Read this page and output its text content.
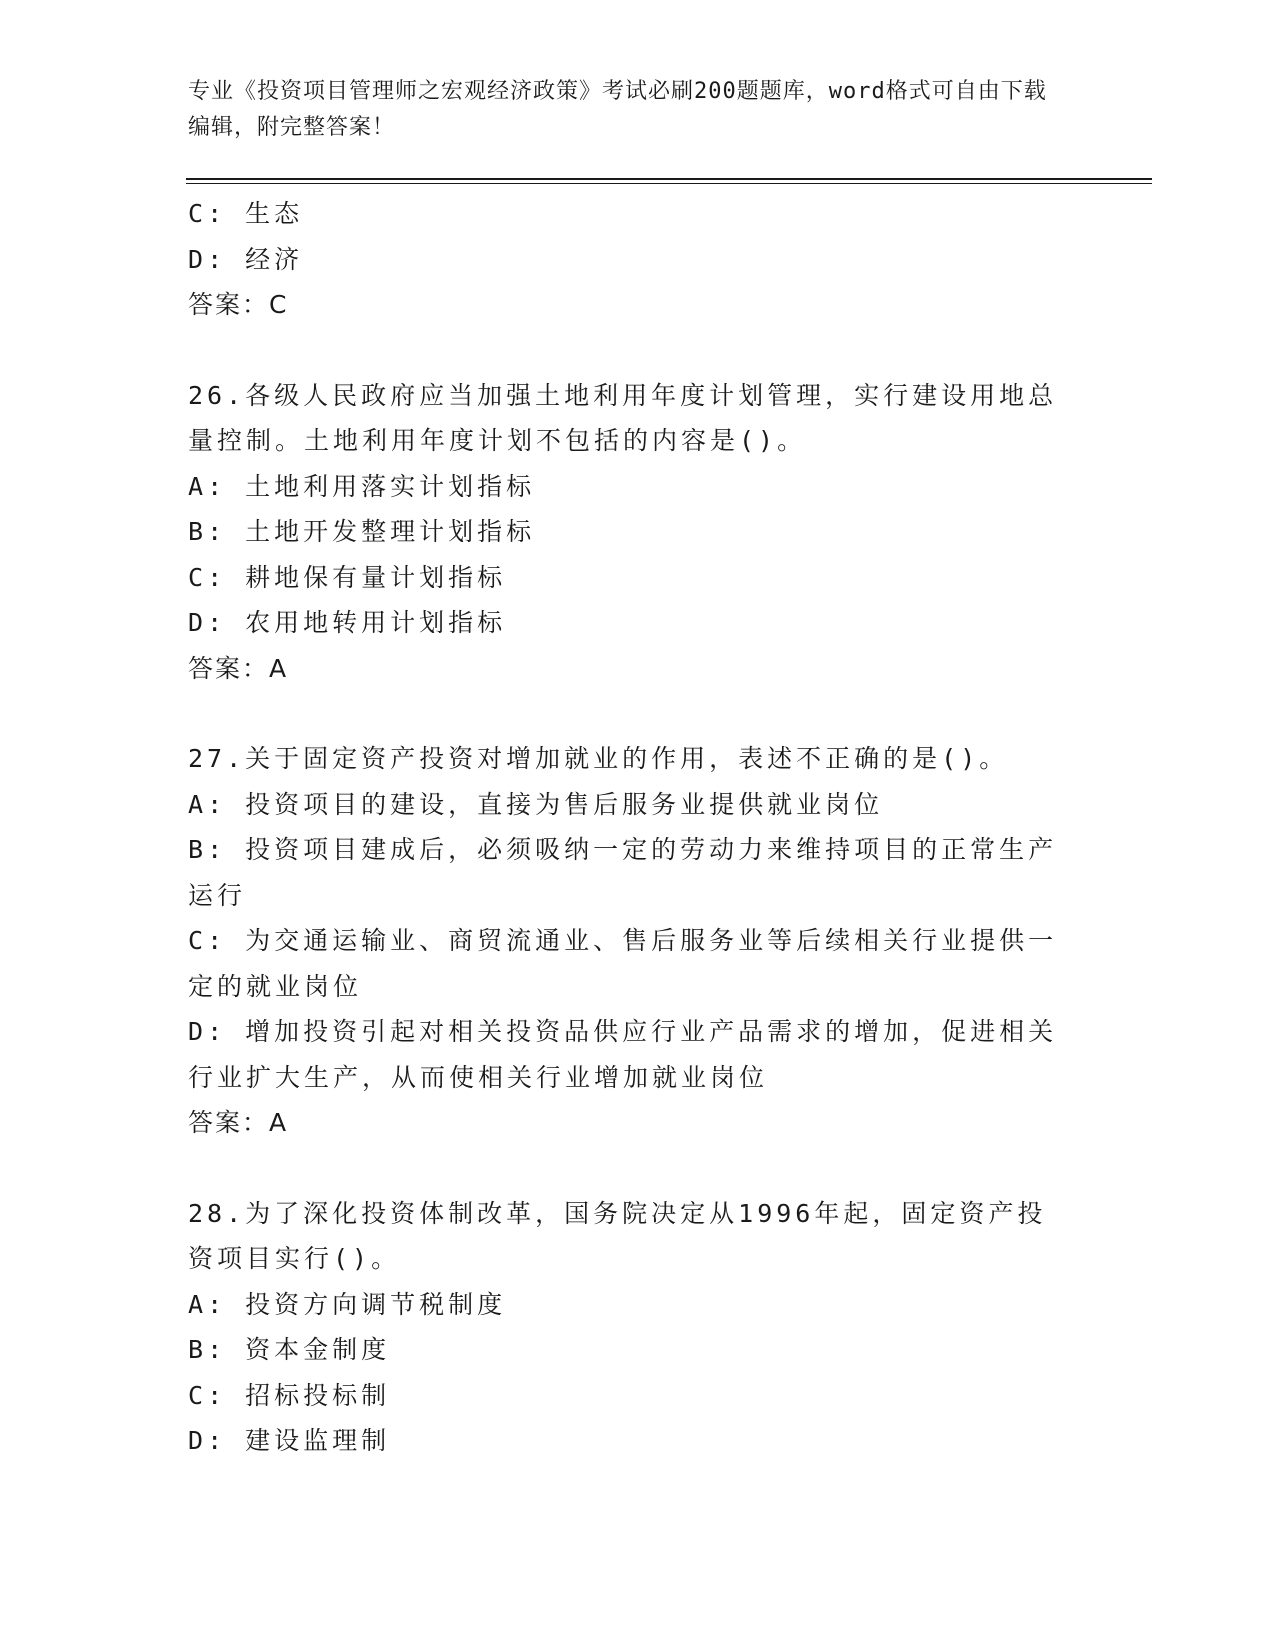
专业《投资项目管理师之宏观经济政策》考试必刷200题题库，word格式可自由下载编辑，附完整答案！
C: 生态
D: 经济
答案：C
26.各级人民政府应当加强土地利用年度计划管理，实行建设用地总量控制。土地利用年度计划不包括的内容是()。
A: 土地利用落实计划指标
B: 土地开发整理计划指标
C: 耕地保有量计划指标
D: 农用地转用计划指标
答案：A
27.关于固定资产投资对增加就业的作用，表述不正确的是()。
A: 投资项目的建设，直接为售后服务业提供就业岗位
B: 投资项目建成后，必须吸纳一定的劳动力来维持项目的正常生产运行
C: 为交通运输业、商贸流通业、售后服务业等后续相关行业提供一定的就业岗位
D: 增加投资引起对相关投资品供应行业产品需求的增加，促进相关行业扩大生产，从而使相关行业增加就业岗位
答案：A
28.为了深化投资体制改革，国务院决定从1996年起，固定资产投资项目实行()。
A: 投资方向调节税制度
B: 资本金制度
C: 招标投标制
D: 建设监理制
